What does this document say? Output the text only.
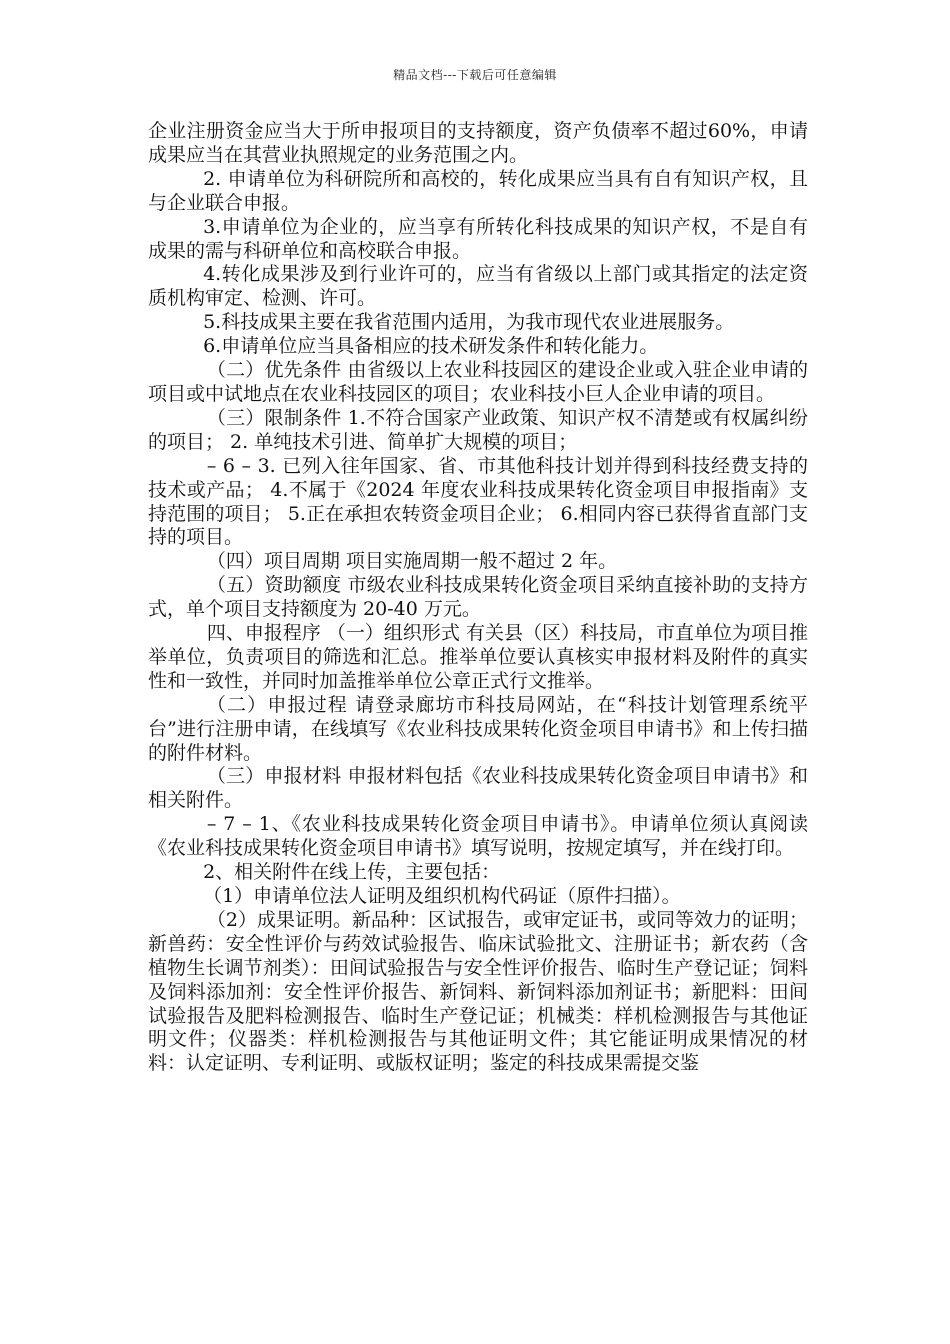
精品文档---下载后可任意编辑

企业注册资金应当大于所申报项目的支持额度，资产负债率不超过60%，申请成果应当在其营业执照规定的业务范围之内。

2. 申请单位为科研院所和高校的，转化成果应当具有自有知识产权，且与企业联合申报。

3.申请单位为企业的，应当享有所转化科技成果的知识产权，不是自有成果的需与科研单位和高校联合申报。

4.转化成果涉及到行业许可的，应当有省级以上部门或其指定的法定资质机构审定、检测、许可。

5.科技成果主要在我省范围内适用，为我市现代农业进展服务。

6.申请单位应当具备相应的技术研发条件和转化能力。

（二）优先条件 由省级以上农业科技园区的建设企业或入驻企业申请的项目或中试地点在农业科技园区的项目；农业科技小巨人企业申请的项目。

（三）限制条件 1.不符合国家产业政策、知识产权不清楚或有权属纠纷的项目； 2. 单纯技术引进、简单扩大规模的项目；

– 6 – 3. 已列入往年国家、省、市其他科技计划并得到科技经费支持的技术或产品； 4.不属于《2024 年度农业科技成果转化资金项目申报指南》支持范围的项目； 5.正在承担农转资金项目企业； 6.相同内容已获得省直部门支持的项目。

（四）项目周期 项目实施周期一般不超过 2 年。

（五）资助额度 市级农业科技成果转化资金项目采纳直接补助的支持方式，单个项目支持额度为 20-40 万元。

四、申报程序 （一）组织形式 有关县（区）科技局，市直单位为项目推举单位，负责项目的筛选和汇总。推举单位要认真核实申报材料及附件的真实性和一致性，并同时加盖推举单位公章正式行文推举。

（二）申报过程 请登录廊坊市科技局网站，在“科技计划管理系统平台”进行注册申请，在线填写《农业科技成果转化资金项目申请书》和上传扫描的附件材料。

（三）申报材料 申报材料包括《农业科技成果转化资金项目申请书》和相关附件。

– 7 – 1、《农业科技成果转化资金项目申请书》。申请单位须认真阅读《农业科技成果转化资金项目申请书》填写说明，按规定填写，并在线打印。

2、相关附件在线上传，主要包括：

（1）申请单位法人证明及组织机构代码证（原件扫描）。

（2）成果证明。新品种：区试报告，或审定证书，或同等效力的证明；新兽药：安全性评价与药效试验报告、临床试验批文、注册证书；新农药（含植物生长调节剂类）：田间试验报告与安全性评价报告、临时生产登记证；饲料及饲料添加剂：安全性评价报告、新饲料、新饲料添加剂证书；新肥料：田间试验报告及肥料检测报告、临时生产登记证；机械类：样机检测报告与其他证明文件；仪器类：样机检测报告与其他证明文件；其它能证明成果情况的材料：认定证明、专利证明、或版权证明；鉴定的科技成果需提交鉴
